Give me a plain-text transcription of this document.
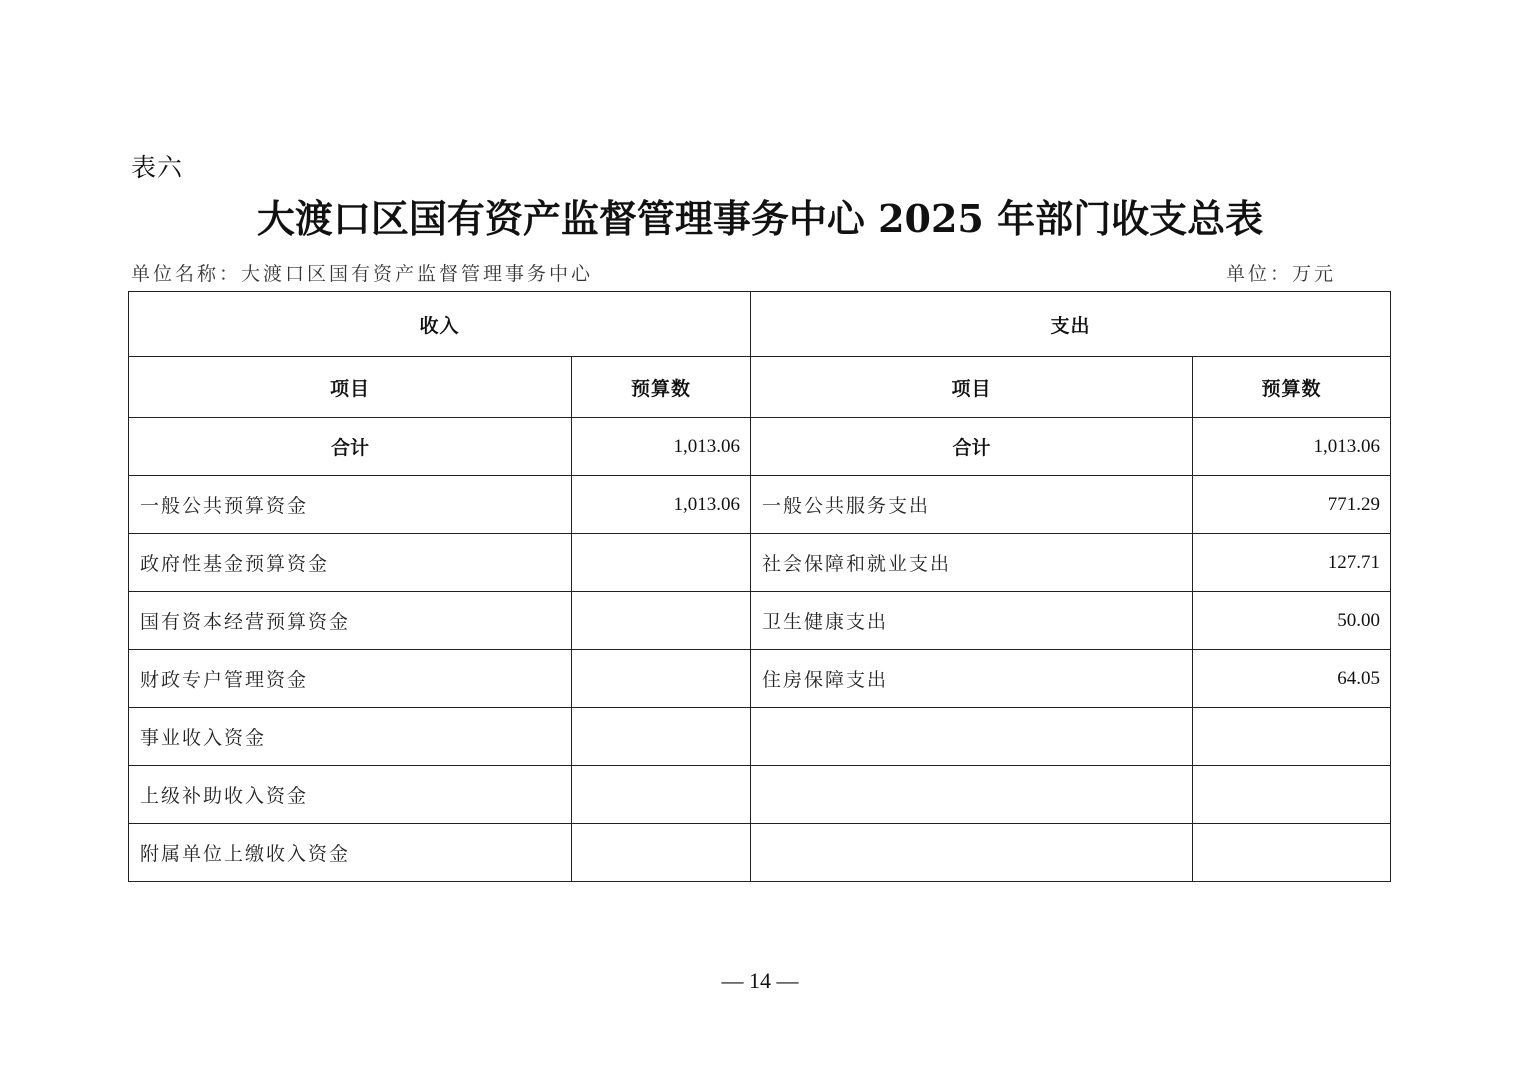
表六
大渡口区国有资产监督管理事务中心 2025 年部门收支总表
单位名称：大渡口区国有资产监督管理事务中心	单位：万元
收入		支出	
项目	预算数	项目	预算数
合计	1,013.06	合计	1,013.06
一般公共预算资金	1,013.06	一般公共服务支出	771.29
政府性基金预算资金		社会保障和就业支出	127.71
国有资本经营预算资金		卫生健康支出	50.00
财政专户管理资金		住房保障支出	64.05
事业收入资金			
上级补助收入资金			
附属单位上缴收入资金			
— 14 —
